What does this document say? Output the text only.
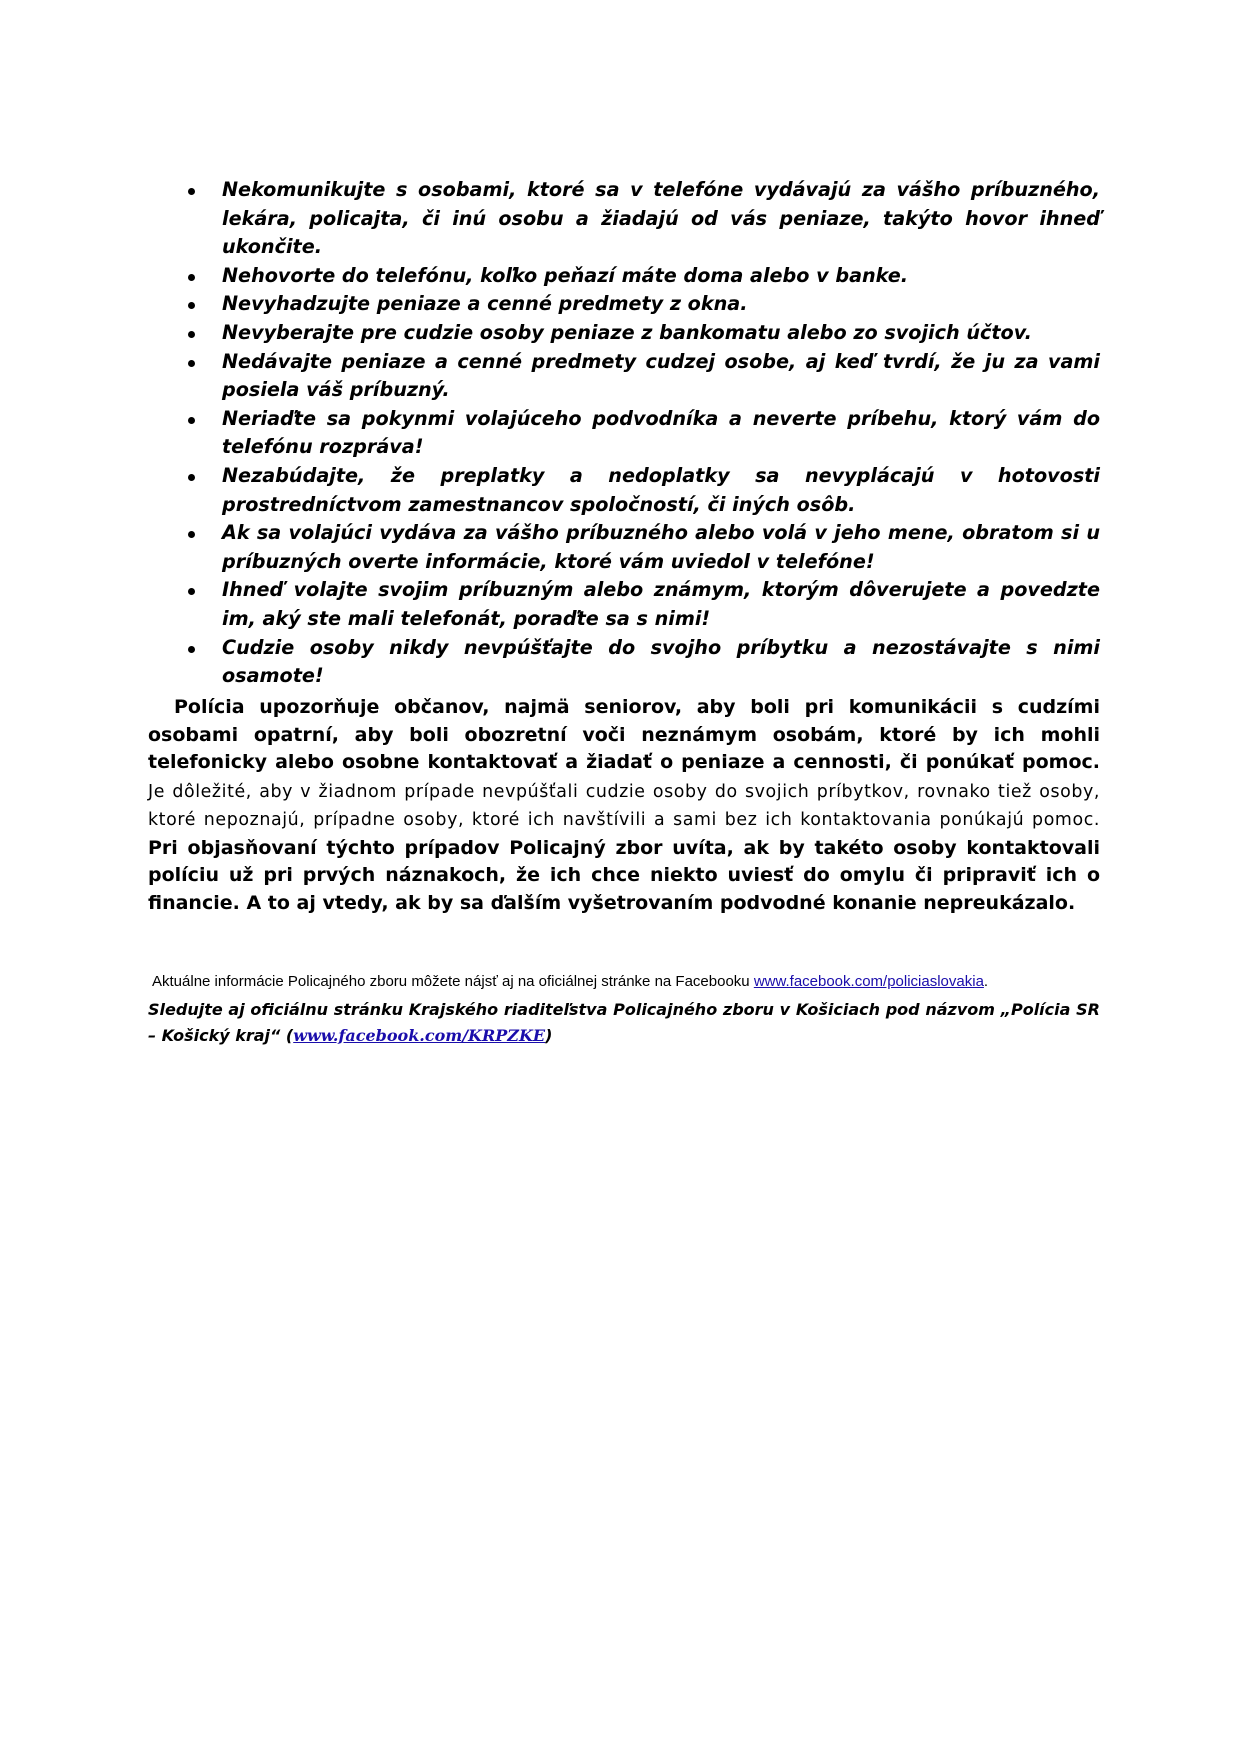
Nekomunikujte s osobami, ktoré sa v telefóne vydávajú za vášho príbuzného, lekára, policajta, či inú osobu a žiadajú od vás peniaze, takýto hovor ihneď ukončite.
Nehovorte do telefónu, koľko peňazí máte doma alebo v banke.
Nevyhadzujte peniaze a cenné predmety z okna.
Nevyberajte pre cudzie osoby peniaze z bankomatu alebo zo svojich účtov.
Nedávajte peniaze a cenné predmety cudzej osobe, aj keď tvrdí, že ju za vami posiela váš príbuzný.
Neriaďte sa pokynmi volajúceho podvodníka a neverte príbehu, ktorý vám do telefónu rozpráva!
Nezabúdajte, že preplatky a nedoplatky sa nevyplácajú v hotovosti prostredníctvom zamestnancov spoločností, či iných osôb.
Ak sa volajúci vydáva za vášho príbuzného alebo volá v jeho mene, obratom si u príbuzných overte informácie, ktoré vám uviedol v telefóne!
Ihneď volajte svojim príbuzným alebo známym, ktorým dôverujete a povedzte im, aký ste mali telefonát, poraďte sa s nimi!
Cudzie osoby nikdy nevpúšťajte do svojho príbytku a nezostávajte s nimi osamote!

Polícia upozorňuje občanov, najmä seniorov, aby boli pri komunikácii s cudzími osobami opatrní, aby boli obozretní voči neznámym osobám, ktoré by ich mohli telefonicky alebo osobne kontaktovať a žiadať o peniaze a cennosti, či ponúkať pomoc. Je dôležité, aby v žiadnom prípade nevpúšťali cudzie osoby do svojich príbytkov, rovnako tiež osoby, ktoré nepoznajú, prípadne osoby, ktoré ich navštívili a sami bez ich kontaktovania ponúkajú pomoc. Pri objasňovaní týchto prípadov Policajný zbor uvíta, ak by takéto osoby kontaktovali políciu už pri prvých náznakoch, že ich chce niekto uviesť do omylu či pripraviť ich o financie. A to aj vtedy, ak by sa ďalším vyšetrovaním podvodné konanie nepreukázalo.

Aktuálne informácie Policajného zboru môžete nájsť aj na oficiálnej stránke na Facebooku www.facebook.com/policiaslovakia.

Sledujte aj oficiálnu stránku Krajského riaditeľstva Policajného zboru v Košiciach pod názvom „Polícia SR – Košický kraj“ (www.facebook.com/KRPZKE)
